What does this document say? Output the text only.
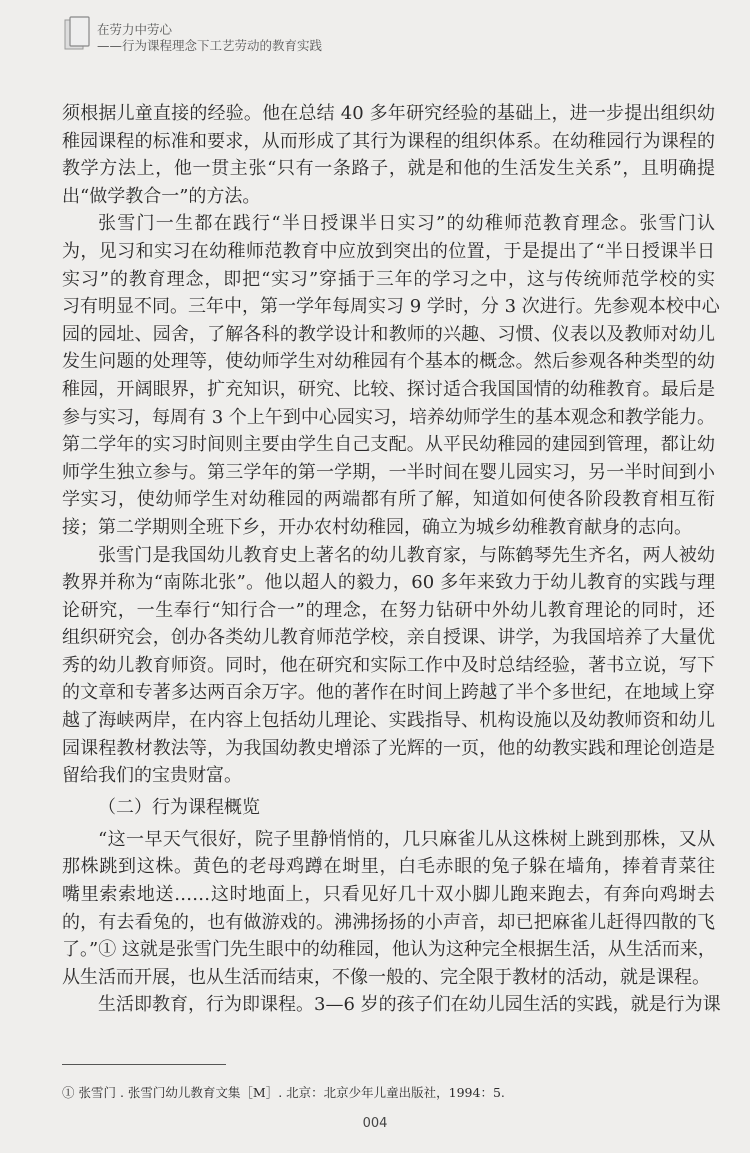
在劳力中劳心
——行为课程理念下工艺劳动的教育实践
须根据儿童直接的经验。他在总结 40 多年研究经验的基础上，进一步提出组织幼
稚园课程的标准和要求，从而形成了其行为课程的组织体系。在幼稚园行为课程的
教学方法上，他一贯主张“只有一条路子，就是和他的生活发生关系”，且明确提
出“做学教合一”的方法。
张雪门一生都在践行“半日授课半日实习”的幼稚师范教育理念。张雪门认
为，见习和实习在幼稚师范教育中应放到突出的位置，于是提出了“半日授课半日
实习”的教育理念，即把“实习”穿插于三年的学习之中，这与传统师范学校的实
习有明显不同。三年中，第一学年每周实习 9 学时，分 3 次进行。先参观本校中心
园的园址、园舍，了解各科的教学设计和教师的兴趣、习惯、仪表以及教师对幼儿
发生问题的处理等，使幼师学生对幼稚园有个基本的概念。然后参观各种类型的幼
稚园，开阔眼界，扩充知识，研究、比较、探讨适合我国国情的幼稚教育。最后是
参与实习，每周有 3 个上午到中心园实习，培养幼师学生的基本观念和教学能力。
第二学年的实习时间则主要由学生自己支配。从平民幼稚园的建园到管理，都让幼
师学生独立参与。第三学年的第一学期，一半时间在婴儿园实习，另一半时间到小
学实习，使幼师学生对幼稚园的两端都有所了解，知道如何使各阶段教育相互衔
接；第二学期则全班下乡，开办农村幼稚园，确立为城乡幼稚教育献身的志向。
张雪门是我国幼儿教育史上著名的幼儿教育家，与陈鹤琴先生齐名，两人被幼
教界并称为“南陈北张”。他以超人的毅力，60 多年来致力于幼儿教育的实践与理
论研究，一生奉行“知行合一”的理念，在努力钻研中外幼儿教育理论的同时，还
组织研究会，创办各类幼儿教育师范学校，亲自授课、讲学，为我国培养了大量优
秀的幼儿教育师资。同时，他在研究和实际工作中及时总结经验，著书立说，写下
的文章和专著多达两百余万字。他的著作在时间上跨越了半个多世纪，在地域上穿
越了海峡两岸，在内容上包括幼儿理论、实践指导、机构设施以及幼教师资和幼儿
园课程教材教法等，为我国幼教史增添了光辉的一页，他的幼教实践和理论创造是
留给我们的宝贵财富。
（二）行为课程概览
“这一早天气很好，院子里静悄悄的，几只麻雀儿从这株树上跳到那株，又从
那株跳到这株。黄色的老母鸡蹲在埘里，白毛赤眼的兔子躲在墙角，捧着青菜往
嘴里索索地送……这时地面上，只看见好几十双小脚儿跑来跑去，有奔向鸡埘去
的，有去看兔的，也有做游戏的。沸沸扬扬的小声音，却已把麻雀儿赶得四散的飞
了。”① 这就是张雪门先生眼中的幼稚园，他认为这种完全根据生活，从生活而来，
从生活而开展，也从生活而结束，不像一般的、完全限于教材的活动，就是课程。
生活即教育，行为即课程。3—6 岁的孩子们在幼儿园生活的实践，就是行为课
① 张雪门 . 张雪门幼儿教育文集［M］. 北京：北京少年儿童出版社，1994：5.
004
